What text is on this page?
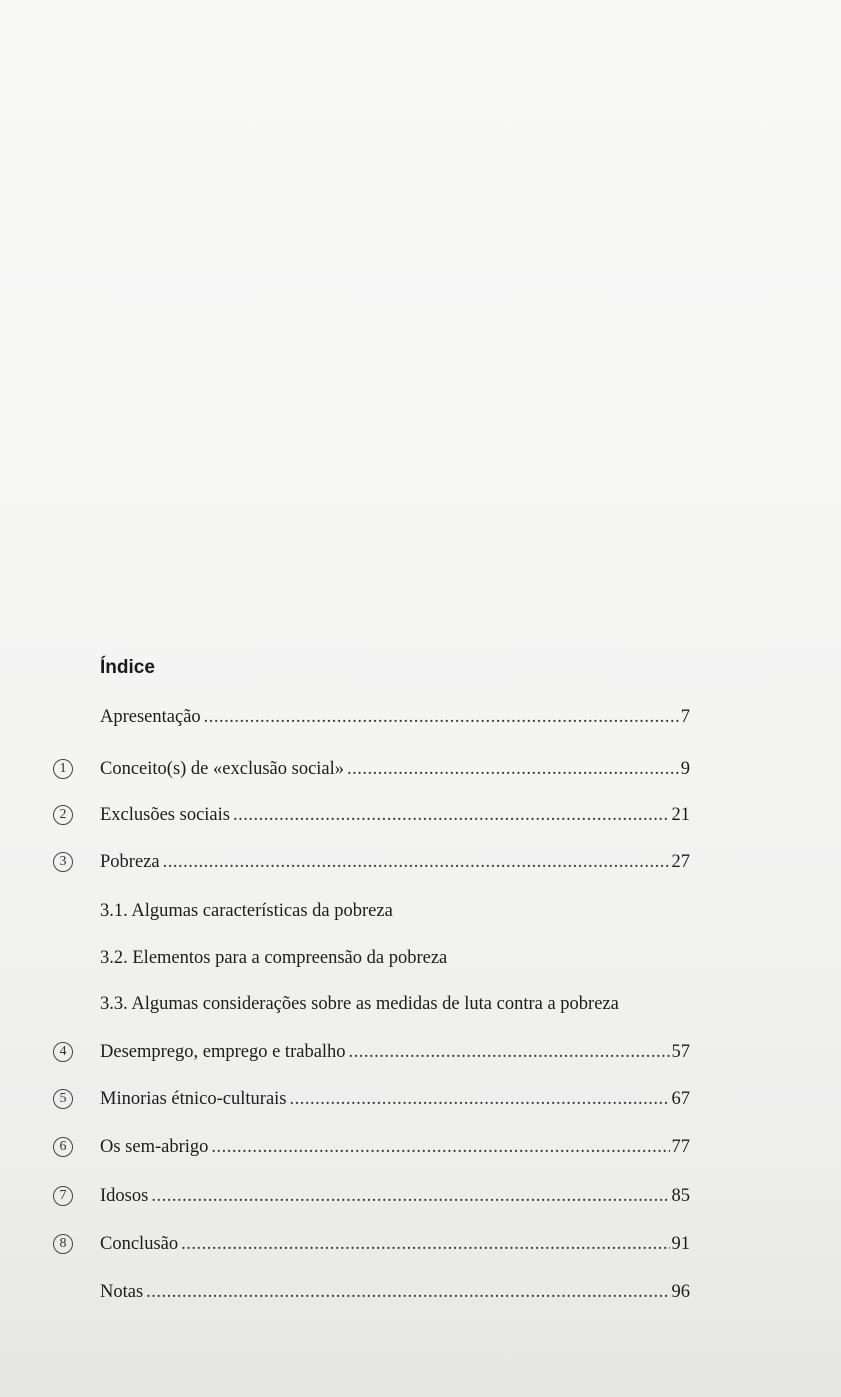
Índice
Apresentação .....	7
1	Conceito(s) de «exclusão social» .....	9
2	Exclusões sociais .....	21
3	Pobreza .....	27
3.1. Algumas características da pobreza
3.2. Elementos para a compreensão da pobreza
3.3. Algumas considerações sobre as medidas de luta contra a pobreza
4	Desemprego, emprego e trabalho .....	57
5	Minorias étnico-culturais .....	67
6	Os sem-abrigo .....	77
7	Idosos .....	85
8	Conclusão .....	91
Notas .....	96
